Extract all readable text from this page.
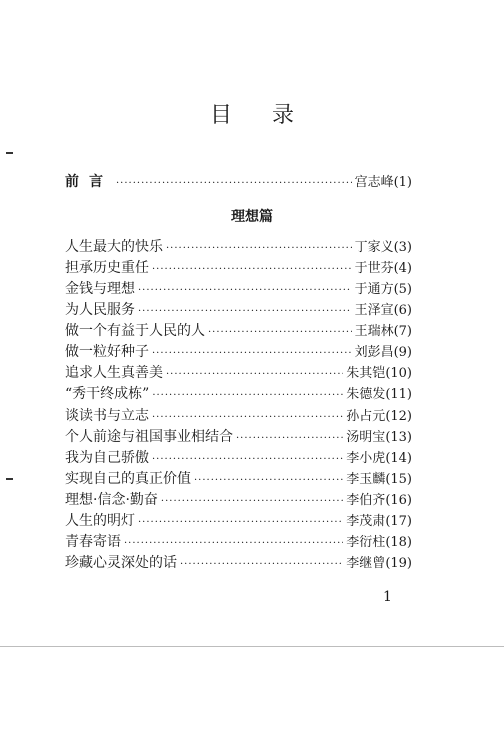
目 录
前言 ·····	宫志峰(1)
理想篇
人生最大的快乐 ·····	丁家义(3)
担承历史重任 ·····	于世芬(4)
金钱与理想 ·····	于通方(5)
为人民服务 ·····	王泽宣(6)
做一个有益于人民的人 ·····	王瑞林(7)
做一粒好种子 ·····	刘彭昌(9)
追求人生真善美 ·····	朱其铠(10)
“秀干终成栋” ·····	朱德发(11)
谈读书与立志 ·····	孙占元(12)
个人前途与祖国事业相结合 ·····	汤明宝(13)
我为自己骄傲 ·····	李小虎(14)
实现自己的真正价值 ·····	李玉麟(15)
理想·信念·勤奋 ·····	李伯齐(16)
人生的明灯 ·····	李茂肃(17)
青春寄语 ·····	李衍柱(18)
珍藏心灵深处的话 ·····	李继曾(19)
1
